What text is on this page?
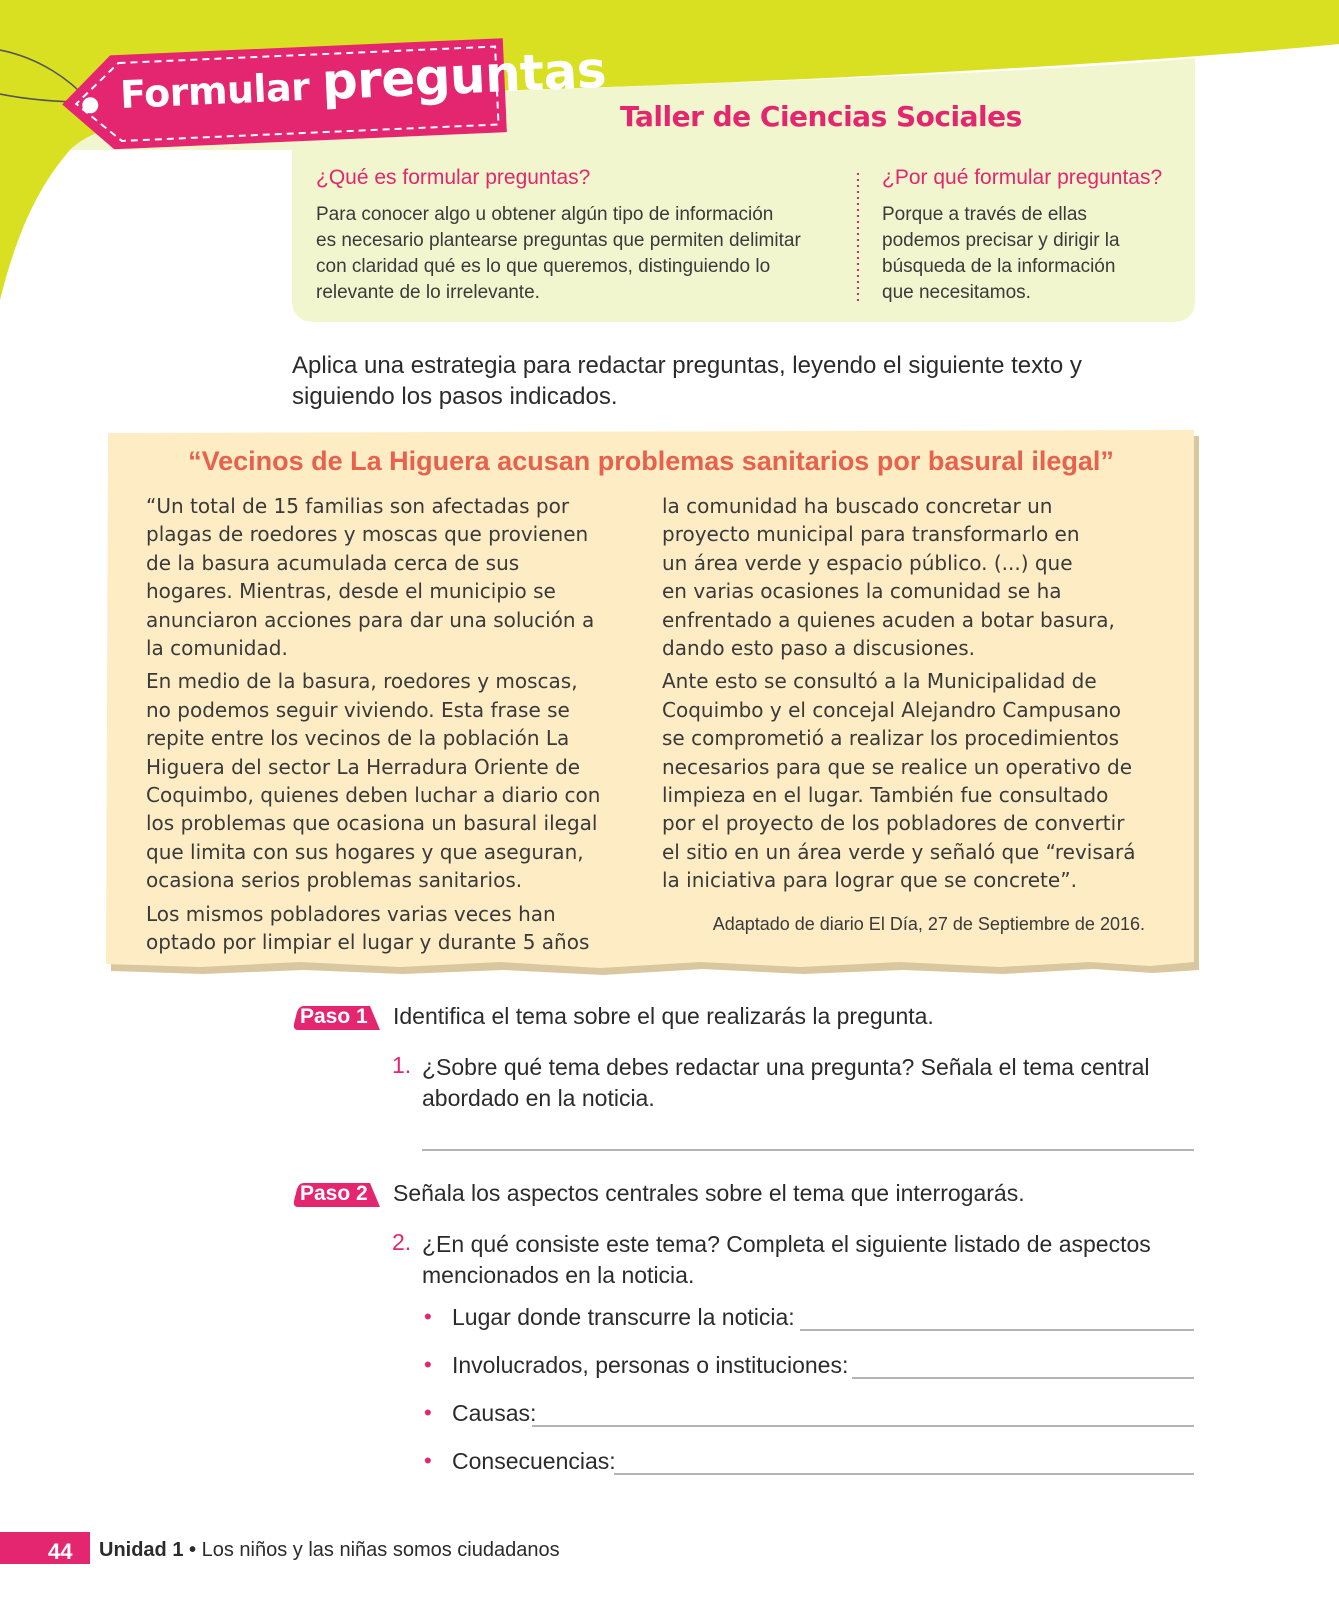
Formular preguntas
Taller de Ciencias Sociales
¿Qué es formular preguntas?
Para conocer algo u obtener algún tipo de información
es necesario plantearse preguntas que permiten delimitar
con claridad qué es lo que queremos, distinguiendo lo
relevante de lo irrelevante.
¿Por qué formular preguntas?
Porque a través de ellas
podemos precisar y dirigir la
búsqueda de la información
que necesitamos.
Aplica una estrategia para redactar preguntas, leyendo el siguiente texto y
siguiendo los pasos indicados.
“Vecinos de La Higuera acusan problemas sanitarios por basural ilegal”
“Un total de 15 familias son afectadas por
plagas de roedores y moscas que provienen
de la basura acumulada cerca de sus
hogares. Mientras, desde el municipio se
anunciaron acciones para dar una solución a
la comunidad.
En medio de la basura, roedores y moscas,
no podemos seguir viviendo. Esta frase se
repite entre los vecinos de la población La
Higuera del sector La Herradura Oriente de
Coquimbo, quienes deben luchar a diario con
los problemas que ocasiona un basural ilegal
que limita con sus hogares y que aseguran,
ocasiona serios problemas sanitarios.
Los mismos pobladores varias veces han
optado por limpiar el lugar y durante 5 años
la comunidad ha buscado concretar un
proyecto municipal para transformarlo en
un área verde y espacio público. (...) que
en varias ocasiones la comunidad se ha
enfrentado a quienes acuden a botar basura,
dando esto paso a discusiones.
Ante esto se consultó a la Municipalidad de
Coquimbo y el concejal Alejandro Campusano
se comprometió a realizar los procedimientos
necesarios para que se realice un operativo de
limpieza en el lugar. También fue consultado
por el proyecto de los pobladores de convertir
el sitio en un área verde y señaló que “revisará
la iniciativa para lograr que se concrete”.
Adaptado de diario El Día, 27 de Septiembre de 2016.
Paso 1 Identifica el tema sobre el que realizarás la pregunta.
1. ¿Sobre qué tema debes redactar una pregunta? Señala el tema central
abordado en la noticia.
Paso 2 Señala los aspectos centrales sobre el tema que interrogarás.
2. ¿En qué consiste este tema? Completa el siguiente listado de aspectos
mencionados en la noticia.
• Lugar donde transcurre la noticia:
• Involucrados, personas o instituciones:
• Causas:
• Consecuencias:
44 Unidad 1 • Los niños y las niñas somos ciudadanos
